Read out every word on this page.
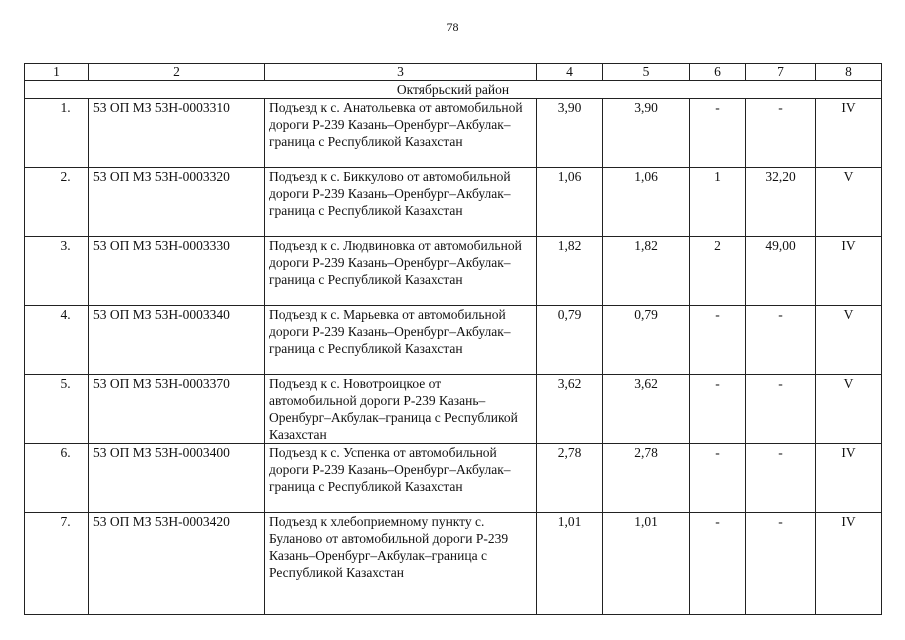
78
1	2	3	4	5	6	7	8
Октябрьский район							
1.	53 ОП МЗ 53Н-0003310	Подъезд к с. Анатольевка от автомобильной дороги Р-239 Казань–Оренбург–Акбулак–граница с Республикой Казахстан	3,90	3,90	-	-	IV
2.	53 ОП МЗ 53Н-0003320	Подъезд к с. Биккулово от автомобильной дороги Р-239 Казань–Оренбург–Акбулак–граница с Республикой Казахстан	1,06	1,06	1	32,20	V
3.	53 ОП МЗ 53Н-0003330	Подъезд к с. Людвиновка от автомобильной дороги Р-239 Казань–Оренбург–Акбулак–граница с Республикой Казахстан	1,82	1,82	2	49,00	IV
4.	53 ОП МЗ 53Н-0003340	Подъезд к с. Марьевка от автомобильной дороги Р-239 Казань–Оренбург–Акбулак–граница с Республикой Казахстан	0,79	0,79	-	-	V
5.	53 ОП МЗ 53Н-0003370	Подъезд к с. Новотроицкое от автомобильной дороги Р-239 Казань–Оренбург–Акбулак–граница с Республикой Казахстан	3,62	3,62	-	-	V
6.	53 ОП МЗ 53Н-0003400	Подъезд к с. Успенка от автомобильной дороги Р-239 Казань–Оренбург–Акбулак–граница с Республикой Казахстан	2,78	2,78	-	-	IV
7.	53 ОП МЗ 53Н-0003420	Подъезд к хлебоприемному пункту с. Буланово от автомобильной дороги Р-239 Казань–Оренбург–Акбулак–граница с Республикой Казахстан	1,01	1,01	-	-	IV
